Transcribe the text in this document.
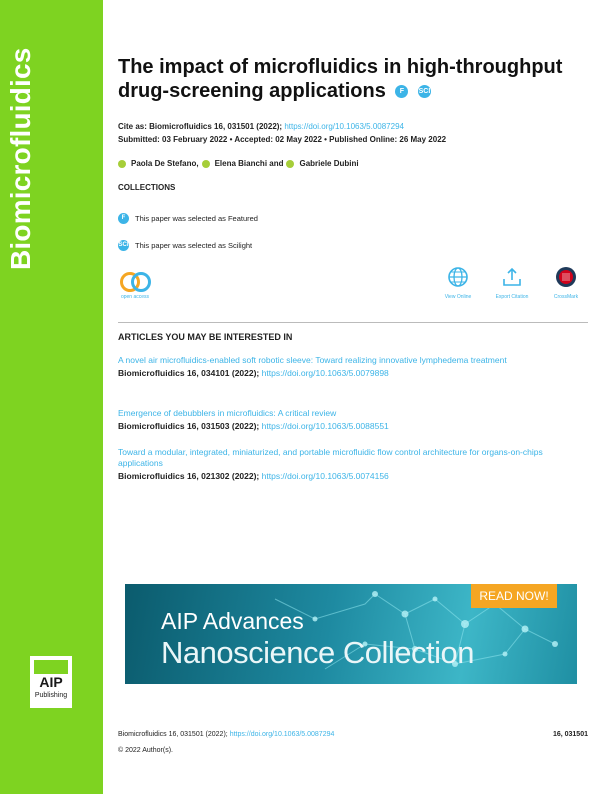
Biomicrofluidics
AIP
Publishing
The impact of microfluidics in high-throughput drug-screening applications F SCI
Cite as: Biomicrofluidics 16, 031501 (2022); https://doi.org/10.1063/5.0087294
Submitted: 03 February 2022 • Accepted: 02 May 2022 • Published Online: 26 May 2022
Paola De Stefano, Elena Bianchi and Gabriele Dubini
COLLECTIONS
F	This paper was selected as Featured
SCI This paper was selected as Scilight
open access	View Online	Export Citation	CrossMark
ARTICLES YOU MAY BE INTERESTED IN
A novel air microfluidics-enabled soft robotic sleeve: Toward realizing innovative lymphedema treatment
Biomicrofluidics 16, 034101 (2022); https://doi.org/10.1063/5.0079898
Emergence of debubblers in microfluidics: A critical review
Biomicrofluidics 16, 031503 (2022); https://doi.org/10.1063/5.0088551
Toward a modular, integrated, miniaturized, and portable microfluidic flow control architecture for organs-on-chips applications
Biomicrofluidics 16, 021302 (2022); https://doi.org/10.1063/5.0074156
AIP Advances
Nanoscience Collection
READ NOW!
Biomicrofluidics 16, 031501 (2022); https://doi.org/10.1063/5.0087294	16, 031501
© 2022 Author(s).
